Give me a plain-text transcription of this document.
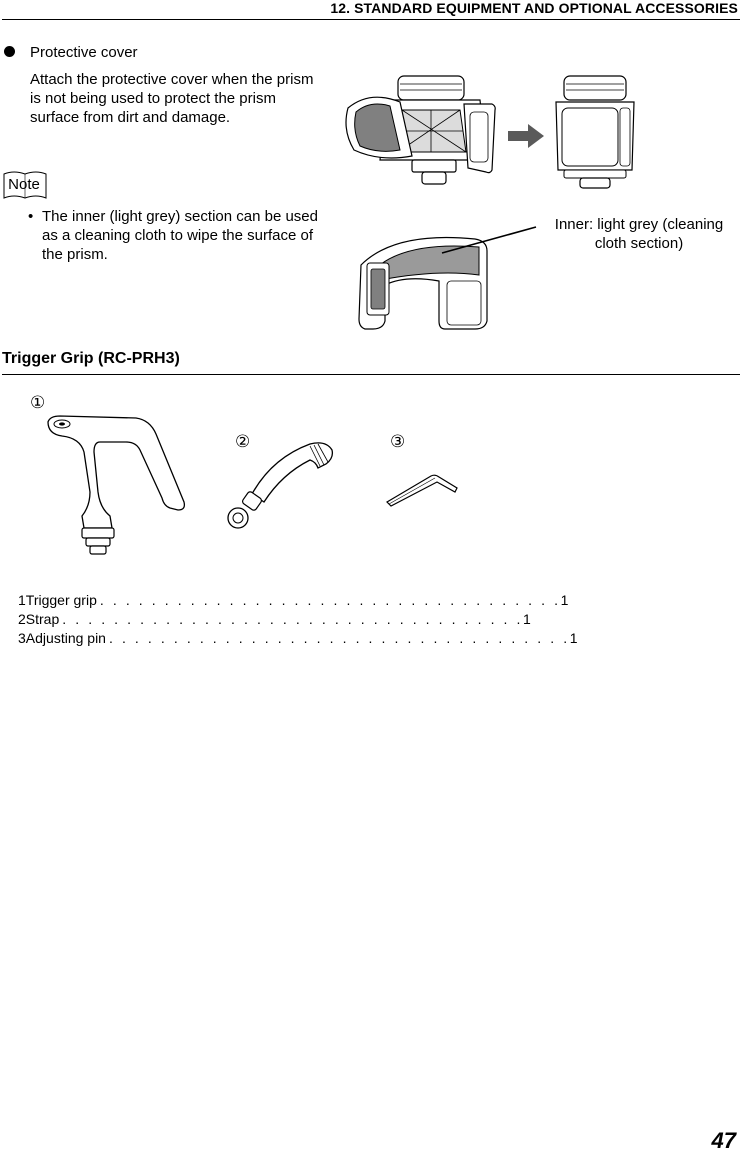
12. STANDARD EQUIPMENT AND OPTIONAL ACCESSORIES
Protective cover
Attach the protective cover when the prism is not being used to protect the prism surface from dirt and damage.
Note
• The inner (light grey) section can be used as a cleaning cloth to wipe the surface of the prism.
Inner: light grey (cleaning
cloth section)
Trigger Grip (RC-PRH3)
①
②	③
1 Trigger grip . . . . . . . . . . . . . . . . . . . . . . . . . . . . . . . . . . . . 1
2 Strap . . . . . . . . . . . . . . . . . . . . . . . . . . . . . . . . . . . . 1
3 Adjusting pin . . . . . . . . . . . . . . . . . . . . . . . . . . . . . . . . . . . . 1
47
